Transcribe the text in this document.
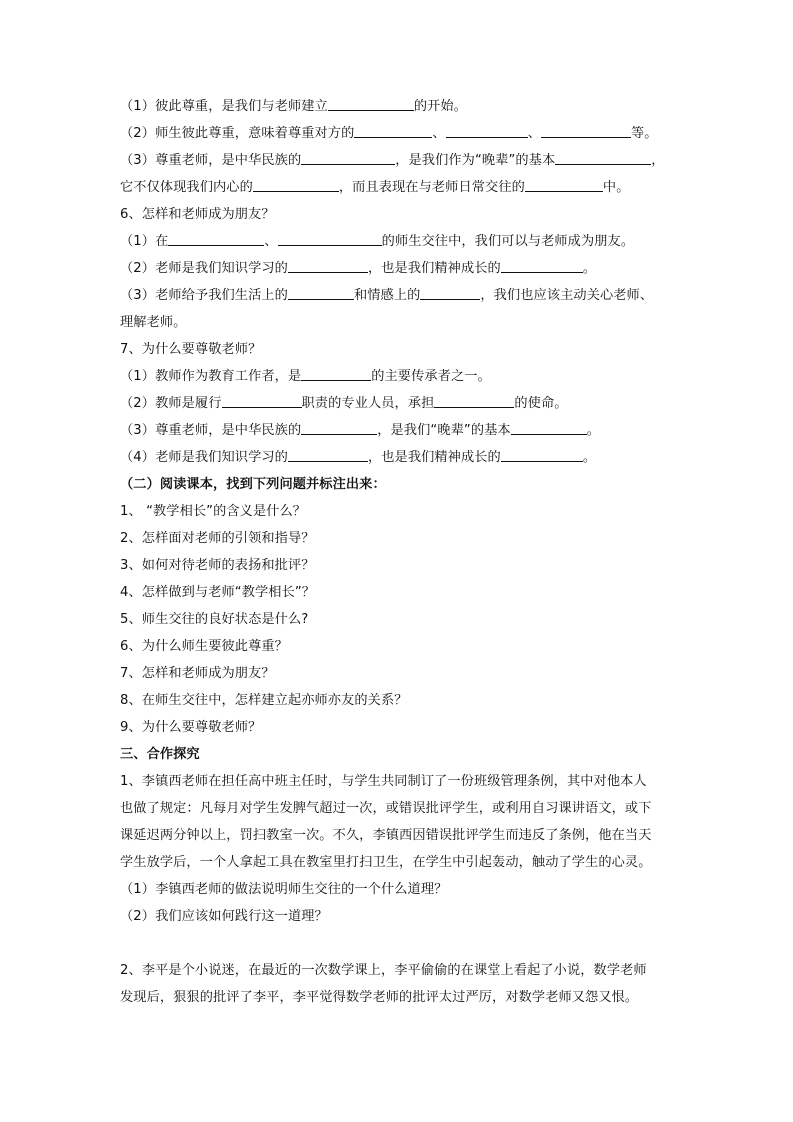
（1）彼此尊重，是我们与老师建立	的开始。
（2）师生彼此尊重，意味着尊重对方的	、	、	等。
（3）尊重老师，是中华民族的	，是我们作为“晚辈”的基本	，
它不仅体现我们内心的	，而且表现在与老师日常交往的	中。
6、怎样和老师成为朋友？
（1）在	、	的师生交往中，我们可以与老师成为朋友。
（2）老师是我们知识学习的	，也是我们精神成长的	。
（3）老师给予我们生活上的	和情感上的	，我们也应该主动关心老师、
理解老师。
7、为什么要尊敬老师？
（1）教师作为教育工作者，是	的主要传承者之一。
（2）教师是履行	职责的专业人员，承担	的使命。
（3）尊重老师，是中华民族的	，是我们“晚辈”的基本	。
（4）老师是我们知识学习的	，也是我们精神成长的	。
（二）阅读课本，找到下列问题并标注出来：
1、 “教学相长”的含义是什么？
2、怎样面对老师的引领和指导？
3、如何对待老师的表扬和批评？
4、怎样做到与老师“教学相长”？
5、师生交往的良好状态是什么?
6、为什么师生要彼此尊重？
7、怎样和老师成为朋友？
8、在师生交往中，怎样建立起亦师亦友的关系？
9、为什么要尊敬老师？
三、合作探究
1、李镇西老师在担任高中班主任时，与学生共同制订了一份班级管理条例，其中对他本人
也做了规定：凡每月对学生发脾气超过一次，或错误批评学生，或利用自习课讲语文，或下
课延迟两分钟以上，罚扫教室一次。不久，李镇西因错误批评学生而违反了条例，他在当天
学生放学后，一个人拿起工具在教室里打扫卫生，在学生中引起轰动，触动了学生的心灵。
（1）李镇西老师的做法说明师生交往的一个什么道理？
（2）我们应该如何践行这一道理？
2、李平是个小说迷，在最近的一次数学课上，李平偷偷的在课堂上看起了小说，数学老师
发现后，狠狠的批评了李平，李平觉得数学老师的批评太过严厉，对数学老师又怨又恨。
